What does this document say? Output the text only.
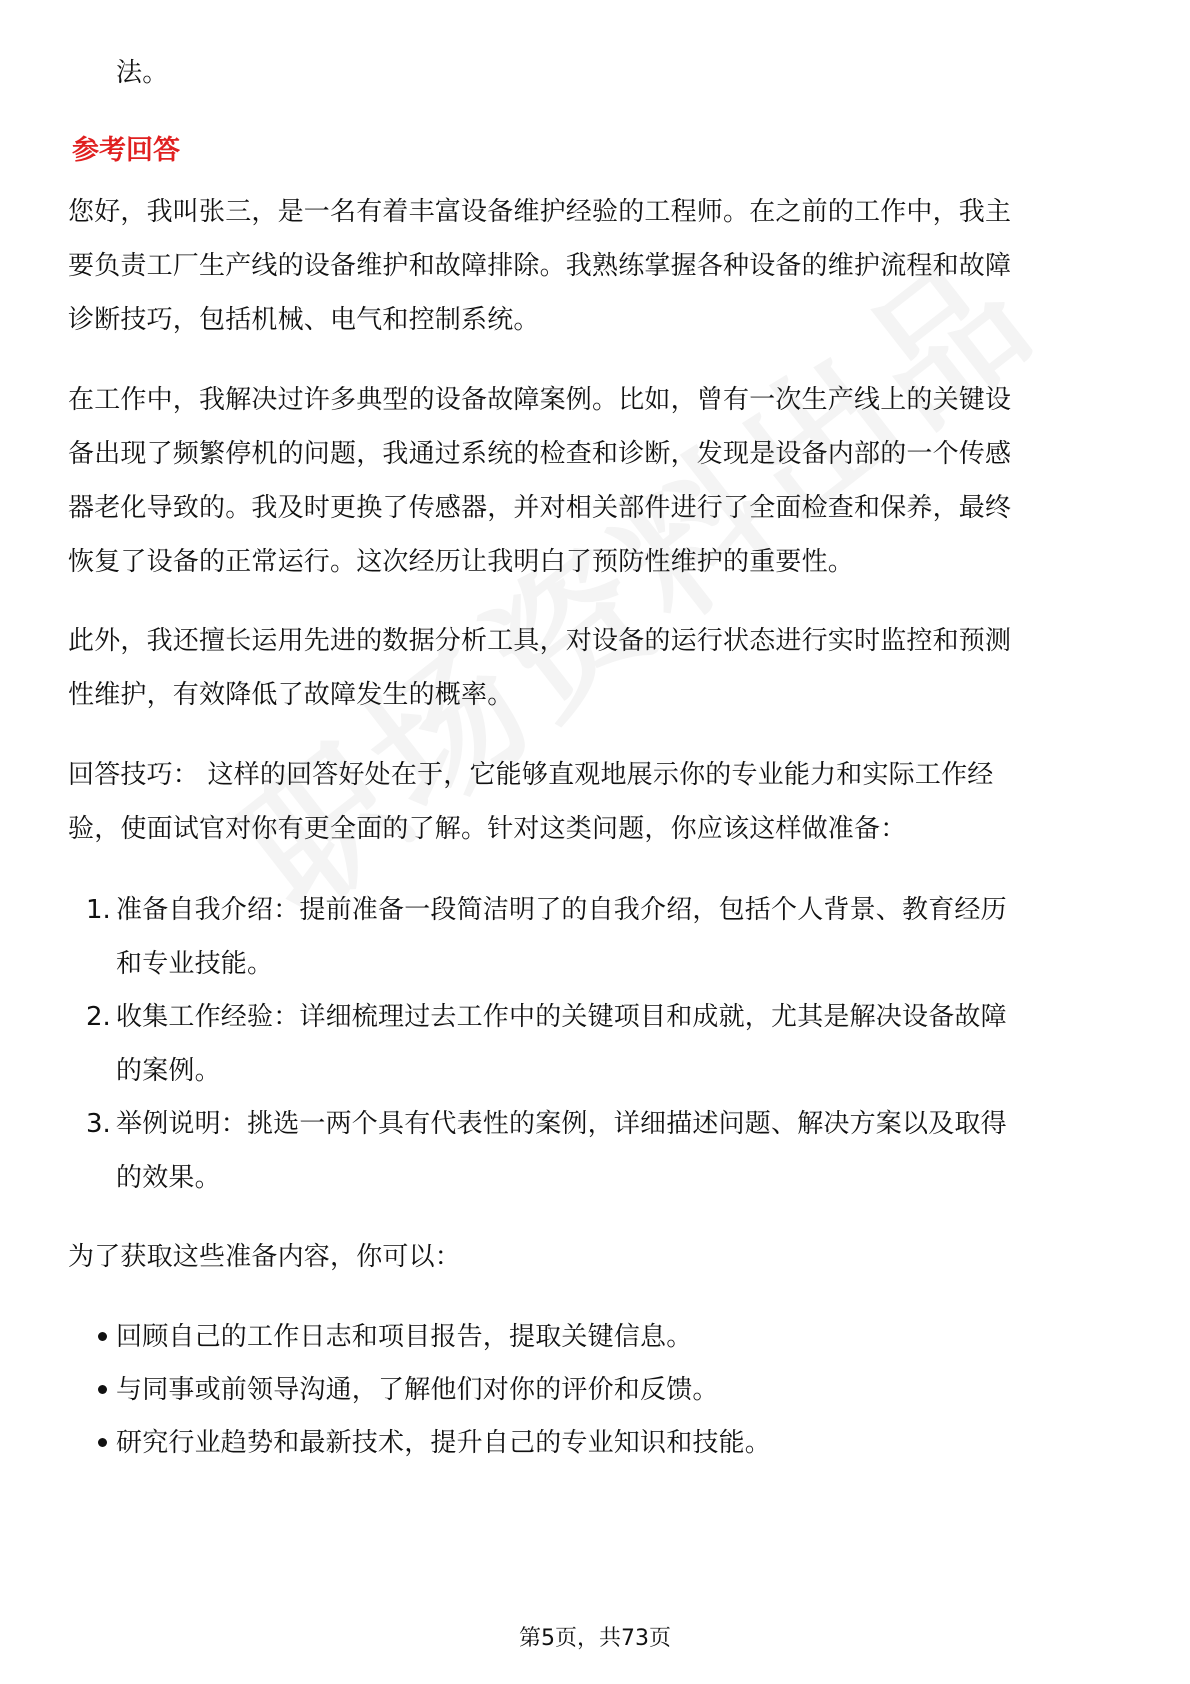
法。
参考回答
您好，我叫张三，是一名有着丰富设备维护经验的工程师。在之前的工作中，我主
要负责工厂生产线的设备维护和故障排除。我熟练掌握各种设备的维护流程和故障
诊断技巧，包括机械、电气和控制系统。
在工作中，我解决过许多典型的设备故障案例。比如，曾有一次生产线上的关键设
备出现了频繁停机的问题，我通过系统的检查和诊断，发现是设备内部的一个传感
器老化导致的。我及时更换了传感器，并对相关部件进行了全面检查和保养，最终
恢复了设备的正常运行。这次经历让我明白了预防性维护的重要性。
此外，我还擅长运用先进的数据分析工具，对设备的运行状态进行实时监控和预测
性维护，有效降低了故障发生的概率。
回答技巧： 这样的回答好处在于，它能够直观地展示你的专业能力和实际工作经
验，使面试官对你有更全面的了解。针对这类问题，你应该这样做准备：
1. 准备自我介绍：提前准备一段简洁明了的自我介绍，包括个人背景、教育经历
和专业技能。
2. 收集工作经验：详细梳理过去工作中的关键项目和成就，尤其是解决设备故障
的案例。
3. 举例说明：挑选一两个具有代表性的案例，详细描述问题、解决方案以及取得
的效果。
为了获取这些准备内容，你可以：
回顾自己的工作日志和项目报告，提取关键信息。
与同事或前领导沟通，了解他们对你的评价和反馈。
研究行业趋势和最新技术，提升自己的专业知识和技能。
第5页，共73页
